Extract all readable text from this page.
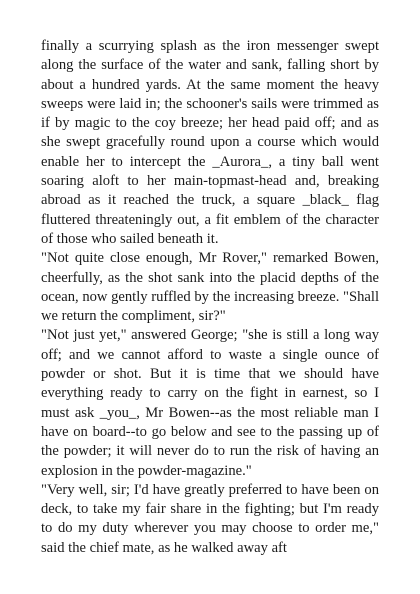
finally a scurrying splash as the iron messenger swept along the surface of the water and sank, falling short by about a hundred yards. At the same moment the heavy sweeps were laid in; the schooner's sails were trimmed as if by magic to the coy breeze; her head paid off; and as she swept gracefully round upon a course which would enable her to intercept the _Aurora_, a tiny ball went soaring aloft to her main-topmast-head and, breaking abroad as it reached the truck, a square _black_ flag fluttered threateningly out, a fit emblem of the character of those who sailed beneath it.

"Not quite close enough, Mr Rover," remarked Bowen, cheerfully, as the shot sank into the placid depths of the ocean, now gently ruffled by the increasing breeze. "Shall we return the compliment, sir?"

"Not just yet," answered George; "she is still a long way off; and we cannot afford to waste a single ounce of powder or shot. But it is time that we should have everything ready to carry on the fight in earnest, so I must ask _you_, Mr Bowen--as the most reliable man I have on board--to go below and see to the passing up of the powder; it will never do to run the risk of having an explosion in the powder-magazine."

"Very well, sir; I'd have greatly preferred to have been on deck, to take my fair share in the fighting; but I'm ready to do my duty wherever you may choose to order me," said the chief mate, as he walked away aft
